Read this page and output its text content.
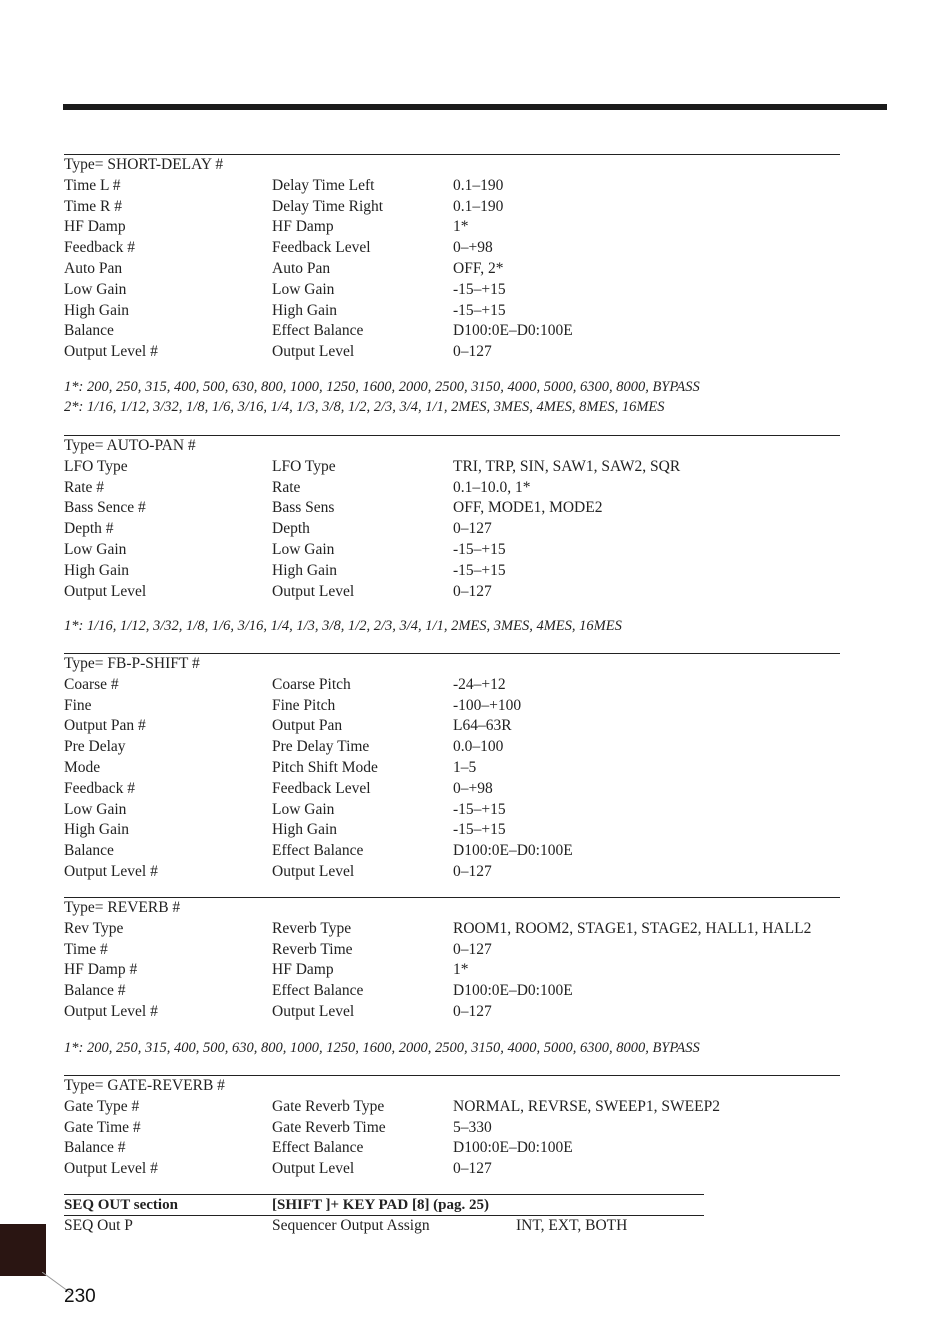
Type= SHORT-DELAY #
Time L #	Delay Time Left	0.1–190
Time R #	Delay Time Right	0.1–190
HF Damp	HF Damp	1*
Feedback #	Feedback Level	0–+98
Auto Pan	Auto Pan	OFF, 2*
Low Gain	Low Gain	-15–+15
High Gain	High Gain	-15–+15
Balance	Effect Balance	D100:0E–D0:100E
Output Level #	Output Level	0–127
1*: 200, 250, 315, 400, 500, 630, 800, 1000, 1250, 1600, 2000, 2500, 3150, 4000, 5000, 6300, 8000, BYPASS
2*: 1/16, 1/12, 3/32, 1/8, 1/6, 3/16, 1/4, 1/3, 3/8, 1/2, 2/3, 3/4, 1/1, 2MES, 3MES, 4MES, 8MES, 16MES
Type= AUTO-PAN #
LFO Type	LFO Type	TRI, TRP, SIN, SAW1, SAW2, SQR
Rate #	Rate	0.1–10.0, 1*
Bass Sence #	Bass Sens	OFF, MODE1, MODE2
Depth #	Depth	0–127
Low Gain	Low Gain	-15–+15
High Gain	High Gain	-15–+15
Output Level	Output Level	0–127
1*: 1/16, 1/12, 3/32, 1/8, 1/6, 3/16, 1/4, 1/3, 3/8, 1/2, 2/3, 3/4, 1/1, 2MES, 3MES, 4MES, 16MES
Type= FB-P-SHIFT #
Coarse #	Coarse Pitch	-24–+12
Fine	Fine Pitch	-100–+100
Output Pan #	Output Pan	L64–63R
Pre Delay	Pre Delay Time	0.0–100
Mode	Pitch Shift Mode	1–5
Feedback #	Feedback Level	0–+98
Low Gain	Low Gain	-15–+15
High Gain	High Gain	-15–+15
Balance	Effect Balance	D100:0E–D0:100E
Output Level #	Output Level	0–127
Type= REVERB #
Rev Type	Reverb Type	ROOM1, ROOM2, STAGE1, STAGE2, HALL1, HALL2
Time #	Reverb Time	0–127
HF Damp #	HF Damp	1*
Balance #	Effect Balance	D100:0E–D0:100E
Output Level #	Output Level	0–127
1*: 200, 250, 315, 400, 500, 630, 800, 1000, 1250, 1600, 2000, 2500, 3150, 4000, 5000, 6300, 8000, BYPASS
Type= GATE-REVERB #
Gate Type #	Gate Reverb Type	NORMAL, REVRSE, SWEEP1, SWEEP2
Gate Time #	Gate Reverb Time	5–330
Balance #	Effect Balance	D100:0E–D0:100E
Output Level #	Output Level	0–127
SEQ OUT section	[SHIFT ]+ KEY PAD [8] (pag. 25)
SEQ Out P	Sequencer Output Assign	INT, EXT, BOTH
230
